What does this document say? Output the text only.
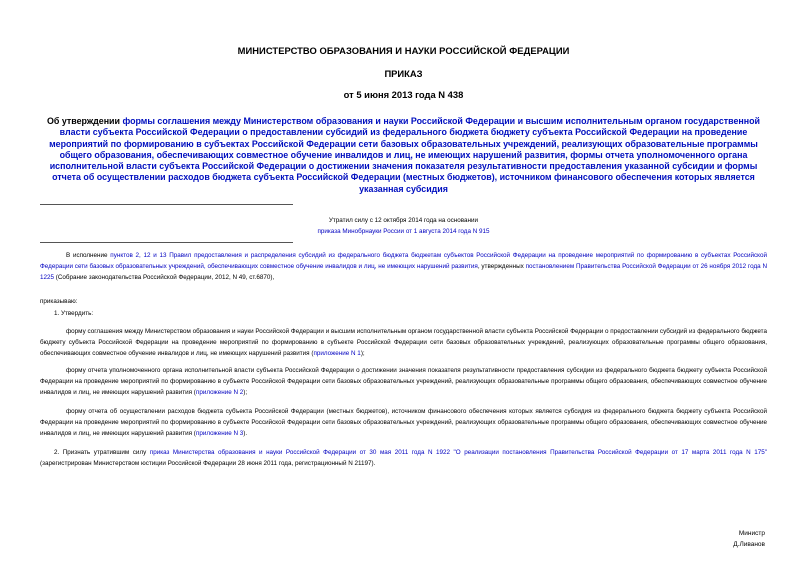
МИНИСТЕРСТВО ОБРАЗОВАНИЯ И НАУКИ РОССИЙСКОЙ ФЕДЕРАЦИИ
ПРИКАЗ
от 5 июня 2013 года N 438
Об утверждении формы соглашения между Министерством образования и науки Российской Федерации и высшим исполнительным органом государственной власти субъекта Российской Федерации о предоставлении субсидий из федерального бюджета бюджету субъекта Российской Федерации на проведение мероприятий по формированию в субъектах Российской Федерации сети базовых образовательных учреждений, реализующих образовательные программы общего образования, обеспечивающих совместное обучение инвалидов и лиц, не имеющих нарушений развития, формы отчета уполномоченного органа исполнительной власти субъекта Российской Федерации о достижении значения показателя результативности предоставления указанной субсидии и формы отчета об осуществлении расходов бюджета субъекта Российской Федерации (местных бюджетов), источником финансового обеспечения которых является указанная субсидия
Утратил силу с 12 октября 2014 года на основании
приказа Минобрнауки России от 1 августа 2014 года N 915
В исполнение пунктов 2, 12 и 13 Правил предоставления и распределения субсидий из федерального бюджета бюджетам субъектов Российской Федерации на проведение мероприятий по формированию в субъектах Российской Федерации сети базовых образовательных учреждений, обеспечивающих совместное обучение инвалидов и лиц, не имеющих нарушений развития, утвержденных постановлением Правительства Российской Федерации от 26 ноября 2012 года N 1225 (Собрание законодательства Российской Федерации, 2012, N 49, ст.6870),
приказываю:
1. Утвердить:
форму соглашения между Министерством образования и науки Российской Федерации и высшим исполнительным органом государственной власти субъекта Российской Федерации о предоставлении субсидий из федерального бюджета бюджету субъекта Российской Федерации на проведение мероприятий по формированию в субъекте Российской Федерации сети базовых образовательных учреждений, реализующих образовательные программы общего образования, обеспечивающих совместное обучение инвалидов и лиц, не имеющих нарушений развития (приложение N 1);
форму отчета уполномоченного органа исполнительной власти субъекта Российской Федерации о достижении значения показателя результативности предоставления субсидии из федерального бюджета бюджету субъекта Российской Федерации на проведение мероприятий по формированию в субъекте Российской Федерации сети базовых образовательных учреждений, реализующих образовательные программы общего образования, обеспечивающих совместное обучение инвалидов и лиц, не имеющих нарушений развития (приложение N 2);
форму отчета об осуществлении расходов бюджета субъекта Российской Федерации (местных бюджетов), источником финансового обеспечения которых является субсидия из федерального бюджета бюджету субъекта Российской Федерации на проведение мероприятий по формированию в субъекте Российской Федерации сети базовых образовательных учреждений, реализующих образовательные программы общего образования, обеспечивающих совместное обучение инвалидов и лиц, не имеющих нарушений развития (приложение N 3).
2. Признать утратившим силу приказ Министерства образования и науки Российской Федерации от 30 мая 2011 года N 1922 "О реализации постановления Правительства Российской Федерации от 17 марта 2011 года N 175" (зарегистрирован Министерством юстиции Российской Федерации 28 июня 2011 года, регистрационный N 21197).
Министр
Д.Ливанов
